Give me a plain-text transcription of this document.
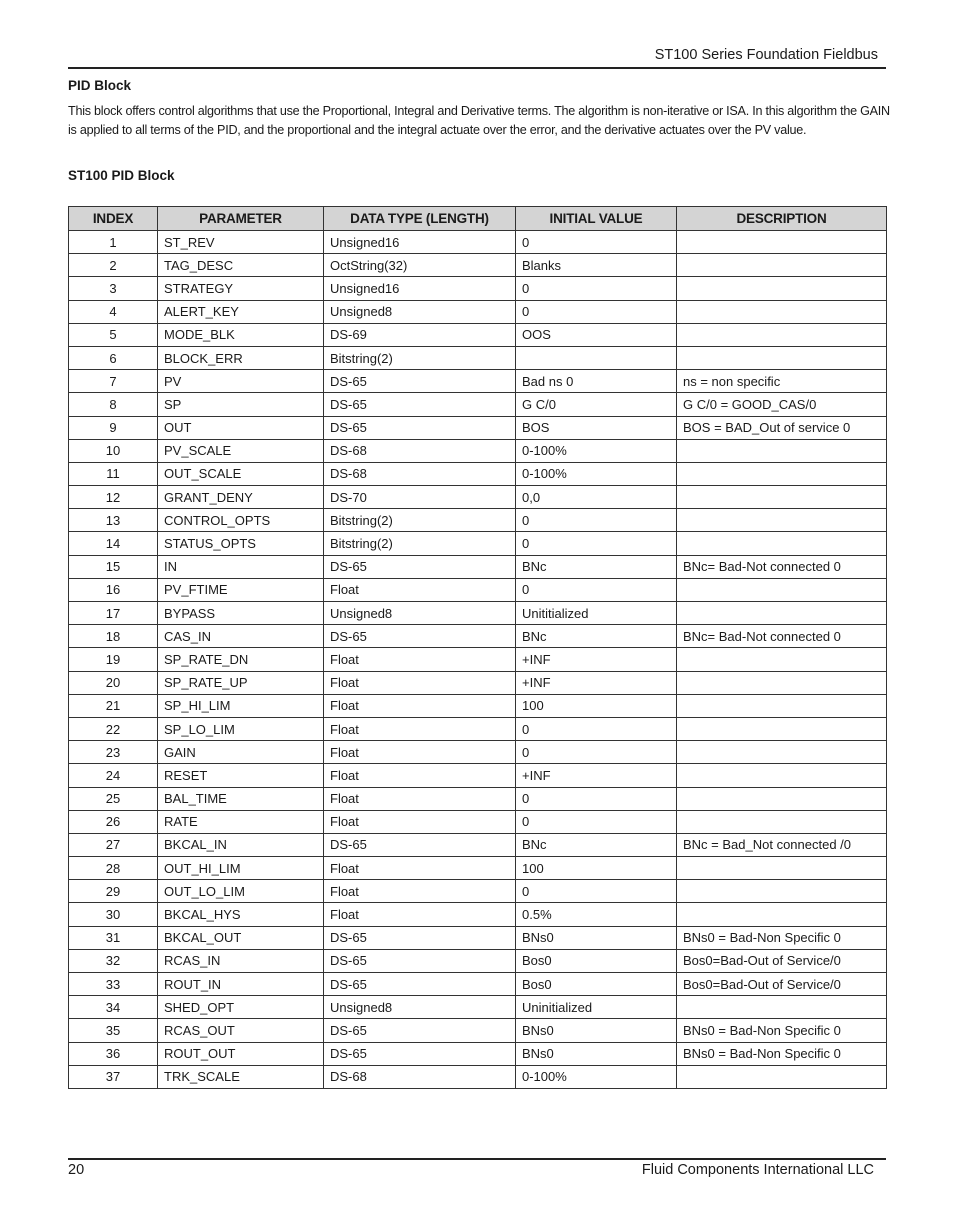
ST100 Series Foundation Fieldbus
PID Block
This block offers control algorithms that use the Proportional, Integral and Derivative terms. The algorithm is non-iterative or ISA. In this algorithm the GAIN is applied to all terms of the PID, and the proportional and the integral actuate over the error, and the derivative actuates over the PV value.
ST100 PID Block
INDEX	PARAMETER	DATA TYPE (LENGTH)	INITIAL VALUE	DESCRIPTION
1	ST_REV	Unsigned16	0	
2	TAG_DESC	OctString(32)	Blanks	
3	STRATEGY	Unsigned16	0	
4	ALERT_KEY	Unsigned8	0	
5	MODE_BLK	DS-69	OOS	
6	BLOCK_ERR	Bitstring(2)		
7	PV	DS-65	Bad ns 0	ns = non specific
8	SP	DS-65	G C/0	G C/0 = GOOD_CAS/0
9	OUT	DS-65	BOS	BOS = BAD_Out of service 0
10	PV_SCALE	DS-68	0-100%	
11	OUT_SCALE	DS-68	0-100%	
12	GRANT_DENY	DS-70	0,0	
13	CONTROL_OPTS	Bitstring(2)	0	
14	STATUS_OPTS	Bitstring(2)	0	
15	IN	DS-65	BNc	BNc= Bad-Not connected 0
16	PV_FTIME	Float	0	
17	BYPASS	Unsigned8	Unititialized	
18	CAS_IN	DS-65	BNc	BNc= Bad-Not connected 0
19	SP_RATE_DN	Float	+INF	
20	SP_RATE_UP	Float	+INF	
21	SP_HI_LIM	Float	100	
22	SP_LO_LIM	Float	0	
23	GAIN	Float	0	
24	RESET	Float	+INF	
25	BAL_TIME	Float	0	
26	RATE	Float	0	
27	BKCAL_IN	DS-65	BNc	BNc = Bad_Not connected /0
28	OUT_HI_LIM	Float	100	
29	OUT_LO_LIM	Float	0	
30	BKCAL_HYS	Float	0.5%	
31	BKCAL_OUT	DS-65	BNs0	BNs0 = Bad-Non Specific 0
32	RCAS_IN	DS-65	Bos0	Bos0=Bad-Out of Service/0
33	ROUT_IN	DS-65	Bos0	Bos0=Bad-Out of Service/0
34	SHED_OPT	Unsigned8	Uninitialized	
35	RCAS_OUT	DS-65	BNs0	BNs0 = Bad-Non Specific 0
36	ROUT_OUT	DS-65	BNs0	BNs0 = Bad-Non Specific 0
37	TRK_SCALE	DS-68	0-100%	
20	Fluid Components International LLC
